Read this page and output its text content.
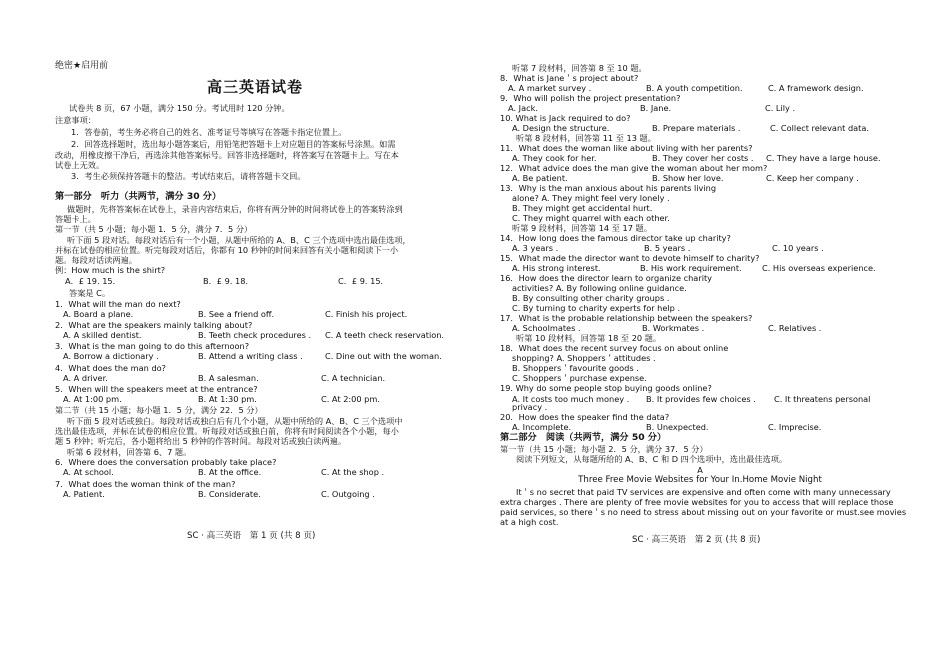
绝密★启用前
高三英语试卷
试卷共 8 页，67 小题，满分 150 分。考试用时 120 分钟。
注意事项：
1．答卷前，考生务必将自己的姓名、准考证号等填写在答题卡指定位置上。
2．回答选择题时，选出每小题答案后，用铅笔把答题卡上对应题目的答案标号涂黑。如需
改动，用橡皮擦干净后，再选涂其他答案标号。回答非选择题时，将答案写在答题卡上。写在本
试卷上无效。
3．考生必须保持答题卡的整洁。考试结束后，请将答题卡交回。
第一部分　听力（共两节，满分 30 分）
做题时，先将答案标在试卷上，录音内容结束后，你将有两分钟的时间将试卷上的答案转涂到
答题卡上。
第一节（共 5 小题；每小题 1．5 分，满分 7．5 分）
听下面 5 段对话。每段对话后有一个小题，从题中所给的 A、B、C 三个选项中选出最佳选项，
并标在试卷的相应位置。听完每段对话后，你都有 10 秒钟的时间来回答有关小题和阅读下一小
题。每段对话读两遍。
例：How much is the shirt?
A．£ 19. 15．	B．£ 9. 18．	C．£ 9. 15．
答案是 C。
1．What will the man do next?
A. Board a plane.	B. See a friend off.	C. Finish his project.
2．What are the speakers mainly talking about?
A. A skilled dentist.	B. Teeth check procedures . C. A teeth check reservation.
3．What is the man going to do this afternoon?
A. Borrow a dictionary .	B. Attend a writing class .	C. Dine out with the woman.
4．What does the man do?
A. A driver.	B. A salesman.	C. A technician.
5．When will the speakers meet at the entrance?
A. At 1:00 pm.	B. At 1:30 pm.	C. At 2:00 pm.
第二节（共 15 小题；每小题 1．5 分，满分 22．5 分）
听下面 5 段对话或独白。每段对话或独白后有几个小题，从题中所给的 A、B、C 三个选项中
选出最佳选项，并标在试卷的相应位置。听每段对话或独白前，你将有时间阅读各个小题，每小
题 5 秒钟；听完后，各小题将给出 5 秒钟的作答时间。每段对话或独白读两遍。
听第 6 段材料，回答第 6、7 题。
6．Where does the conversation probably take place?
A. At school.	B. At the office.	C. At the shop .
7．What does the woman think of the man?
A. Patient.	B. Considerate.	C. Outgoing .
SC · 高三英语　第 1 页 (共 8 页)
听第 7 段材料，回答第 8 至 10 题。
8．What is Jane＇s project about?
A. A market survey .	B. A youth competition.	C. A framework design.
9．Who will polish the project presentation?
A. Jack.	B. Jane.	C. Lily .
10. What is Jack required to do?
A. Design the structure.	B. Prepare materials .	C. Collect relevant data.
听第 8 段材料，回答第 11 至 13 题。
11．What does the woman like about living with her parents?
A. They cook for her.	B. They cover her costs . C. They have a large house.
12．What advice does the man give the woman about her mom?
A. Be patient.	B. Show her love.	C. Keep her company .
13．Why is the man anxious about his parents living
alone? A. They might feel very lonely .
B. They might get accidental hurt.
C. They might quarrel with each other.
听第 9 段材料，回答第 14 至 17 题。
14．How long does the famous director take up charity?
A. 3 years .	B. 5 years .	C. 10 years .
15．What made the director want to devote himself to charity?
A. His strong interest.	B. His work requirement. C. His overseas experience.
16．How does the director learn to organize charity
activities? A. By following online guidance.
B. By consulting other charity groups .
C. By turning to charity experts for help .
17．What is the probable relationship between the speakers?
A. Schoolmates .	B. Workmates .	C. Relatives .
听第 10 段材料，回答第 18 至 20 题。
18．What does the recent survey focus on about online
shopping? A. Shoppers＇attitudes .
B. Shoppers＇favourite goods .
C. Shoppers＇purchase expense.
19. Why do some people stop buying goods online?
A. It costs too much money . B. It provides few choices . C. It threatens personal
privacy .
20．How does the speaker find the data?
A. Incomplete.	B. Unexpected.	C. Imprecise.
第二部分　阅读（共两节，满分 50 分）
第一节（共 15 小题；每小题 2．5 分，满分 37．5 分）
阅读下列短文，从每题所给的 A、B、C 和 D 四个选项中，选出最佳选项。
A
Three Free Movie Websites for Your In.Home Movie Night
It＇s no secret that paid TV services are expensive and often come with many unnecessary
extra charges . There are plenty of free movie websites for you to access that will replace those
paid services, so there＇s no need to stress about missing out on your favorite or must.see movies
at a high cost.
SC · 高三英语　第 2 页 (共 8 页)
